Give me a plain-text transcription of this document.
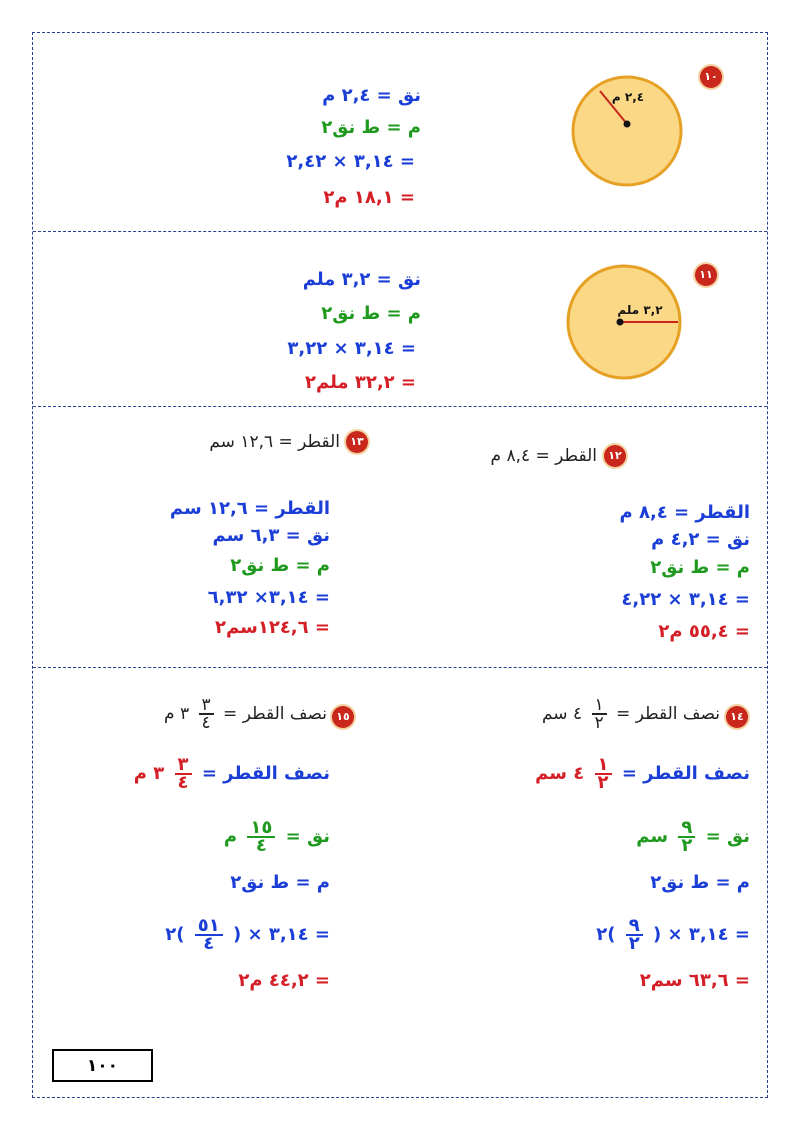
٢,٤ م
١٠
نق = ٢,٤ م
م = ط نق٢
= ٣,١٤ × ٢,٤٢
= ١٨,١ م٢
٣,٢ ملم
١١
نق = ٣,٢ ملم
م = ط نق٢
= ٣,١٤ × ٣,٢٢
= ٣٢,٢ ملم٢
١٢
القطر = ٨,٤ م
القطر = ٨,٤ م
نق = ٤,٢ م
م = ط نق٢
= ٣,١٤ × ٤,٢٢
= ٥٥,٤ م٢
١٣
القطر = ١٢,٦ سم
القطر = ١٢,٦ سم
نق = ٦,٣ سم
م = ط نق٢
= ٣,١٤× ٦,٣٢
= ١٢٤,٦سم٢
١٤
نصف القطر =
$\frac{١}{٢}$
٤ سم
نصف القطر =
$\frac{١}{٢}$
٤ سم
نق =
$\frac{٩}{٢}$
سم
م = ط نق٢
= ٣,١٤ × (
$\frac{٩}{٢}$
)٢
= ٦٣,٦ سم٢
١٥
نصف القطر =
$\frac{٣}{٤}$
٣ م
نصف القطر =
$\frac{٣}{٤}$
٣ م
نق =
$\frac{١٥}{٤}$
م
م = ط نق٢
= ٣,١٤ × (
$\frac{٥١}{٤}$
)٢
= ٤٤,٢ م٢
١٠٠
